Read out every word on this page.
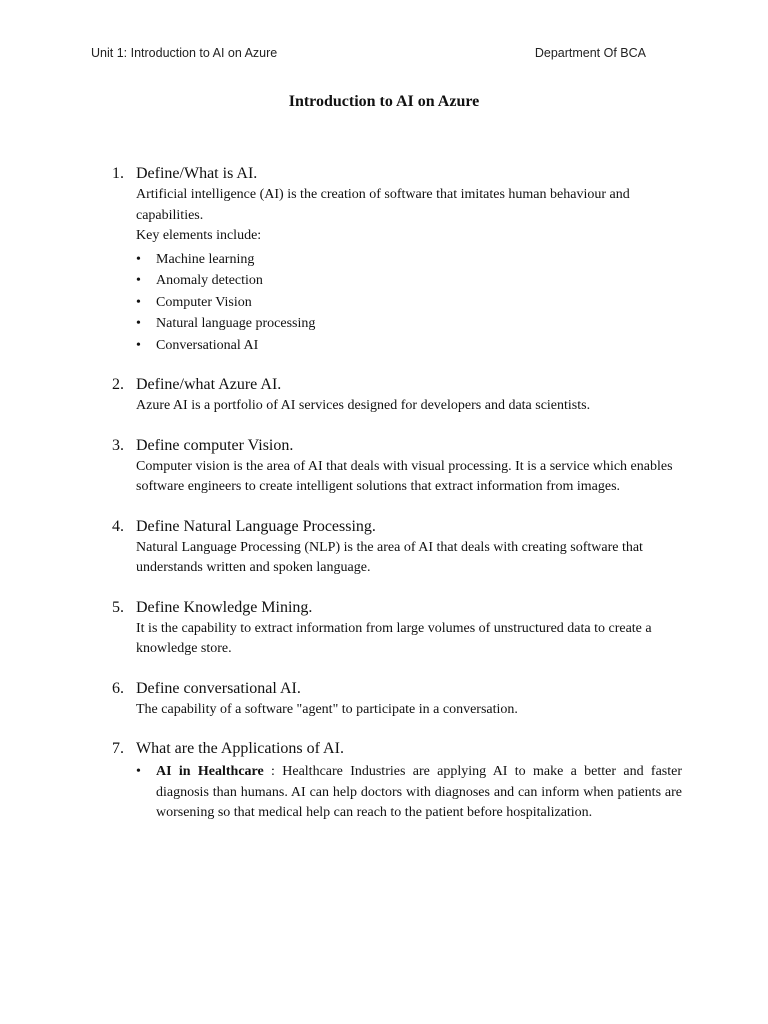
Unit 1: Introduction to AI on Azure	Department Of BCA
Introduction to AI on Azure
1. Define/What is AI.

Artificial intelligence (AI) is the creation of software that imitates human behaviour and capabilities.

Key elements include:

• Machine learning
• Anomaly detection
• Computer Vision
• Natural language processing
• Conversational AI
2. Define/what Azure AI.

Azure AI is a portfolio of AI services designed for developers and data scientists.

3. Define computer Vision.

Computer vision is the area of AI that deals with visual processing. It is a service which enables software engineers to create intelligent solutions that extract information from images.

4. Define Natural Language Processing.

Natural Language Processing (NLP) is the area of AI that deals with creating software that understands written and spoken language.

5. Define Knowledge Mining.

It is the capability to extract information from large volumes of unstructured data to create a knowledge store.

6. Define conversational AI.

The capability of a software "agent" to participate in a conversation.

7. What are the Applications of AI.
• AI in Healthcare : Healthcare Industries are applying AI to make a better and faster diagnosis than humans. AI can help doctors with diagnoses and can inform when patients are worsening so that medical help can reach to the patient before hospitalization.
